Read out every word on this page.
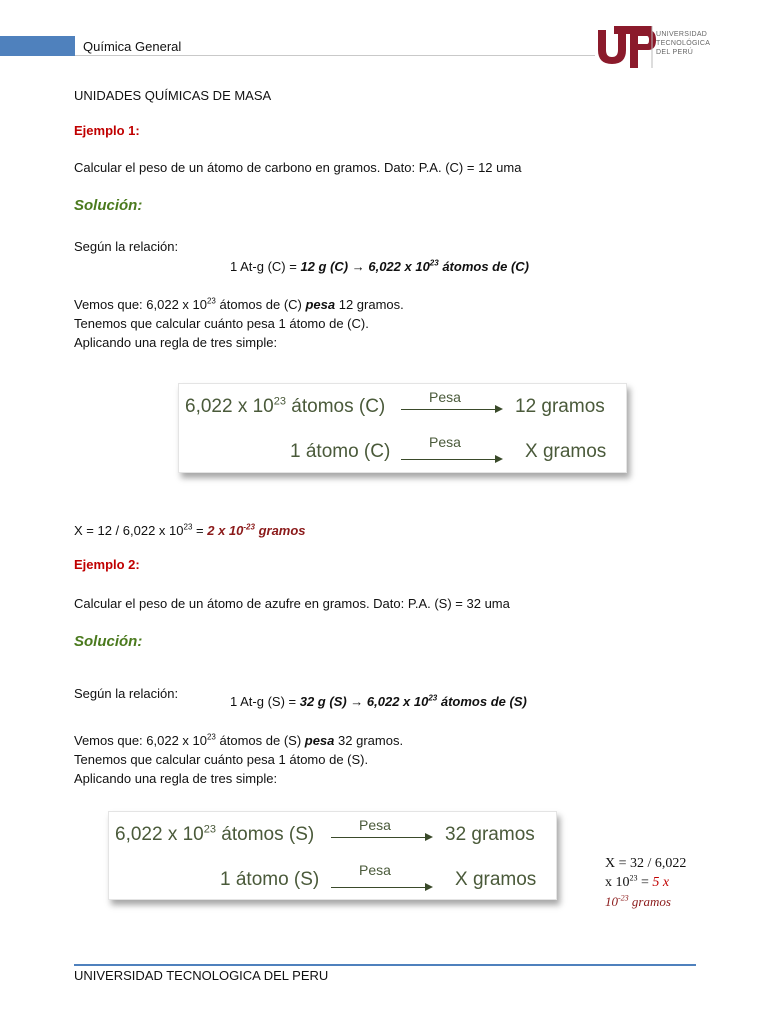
Química General
UNIVERSIDAD
TECNOLÓGICA
DEL PERÚ
UNIDADES QUÍMICAS DE MASA
Ejemplo 1:
Calcular el peso de un átomo de carbono en gramos. Dato: P.A. (C) = 12 uma
Solución:
Según la relación:
1 At-g (C) = 12 g (C) → 6,022 x $10^{23}$ átomos de (C)
Vemos que: 6,022 x $10^{23}$ átomos de (C) pesa 12 gramos.
Tenemos que calcular cuánto pesa 1 átomo de (C).
Aplicando una regla de tres simple:
6,022 x $10^{23}$ átomos (C)	Pesa	12 gramos
1 átomo (C)	Pesa	X gramos
X = 12 / 6,022 x $10^{23} = 2$ x $10^{-23}$ gramos
Ejemplo 2:
Calcular el peso de un átomo de azufre en gramos. Dato: P.A. (S) = 32 uma
Solución:
Según la relación:
1 At-g (S) = 32 g (S) → 6,022 x $10^{23}$ átomos de (S)
Vemos que: 6,022 x $10^{23}$ átomos de (S) pesa 32 gramos.
Tenemos que calcular cuánto pesa 1 átomo de (S).
Aplicando una regla de tres simple:
6,022 x $10^{23}$ átomos (S)	Pesa	32 gramos
1 átomo (S)	Pesa	X gramos
X = 32 / 6,022
x $10^{23} = 5$ x
$10^{-23}$ gramos
UNIVERSIDAD TECNOLOGICA DEL PERU
